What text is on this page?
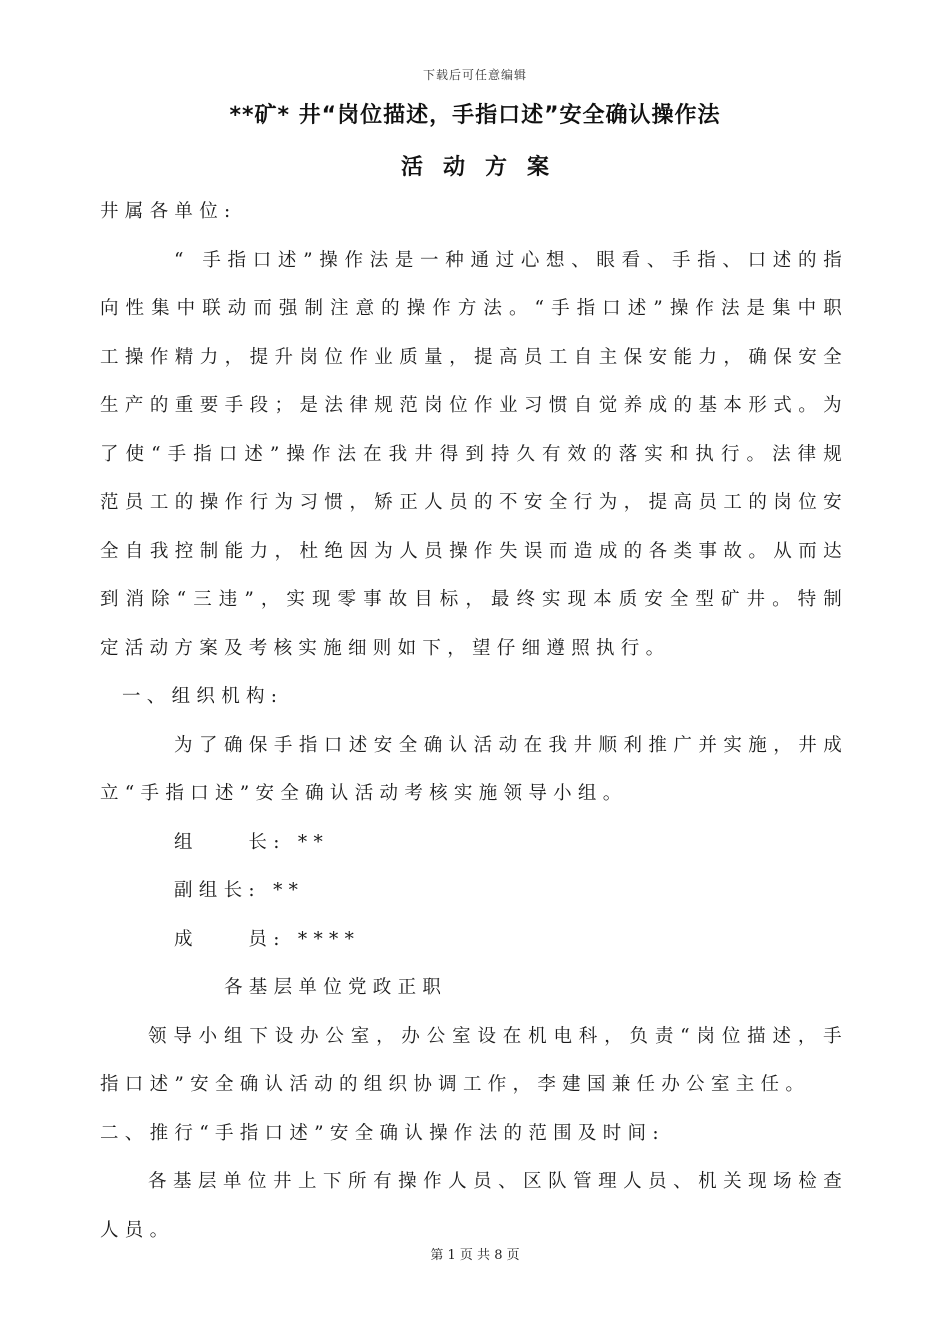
下载后可任意编辑
**矿* 井“岗位描述，手指口述”安全确认操作法
活动方案

井属各单位:

“ 手指口述”操作法是一种通过心想、眼看、手指、口述的指向性集中联动而强制注意的操作方法。“手指口述”操作法是集中职工操作精力，提升岗位作业质量，提高员工自主保安能力，确保安全生产的重要手段；是法律规范岗位作业习惯自觉养成的基本形式。为了使“手指口述”操作法在我井得到持久有效的落实和执行。法律规范员工的操作行为习惯，矫正人员的不安全行为，提高员工的岗位安全自我控制能力，杜绝因为人员操作失误而造成的各类事故。从而达到消除“三违”，实现零事故目标，最终实现本质安全型矿井。特制定活动方案及考核实施细则如下，望仔细遵照执行。

一、组织机构:

为了确保手指口述安全确认活动在我井顺利推广并实施，井成立“手指口述”安全确认活动考核实施领导小组。

组　　长: **

副组长: **

成　　员: ****

各基层单位党政正职

领导小组下设办公室，办公室设在机电科，负责“岗位描述，手指口述”安全确认活动的组织协调工作，李建国兼任办公室主任。

二、推行“手指口述”安全确认操作法的范围及时间:

各基层单位井上下所有操作人员、区队管理人员、机关现场检查人员。

第 1 页 共 8 页
